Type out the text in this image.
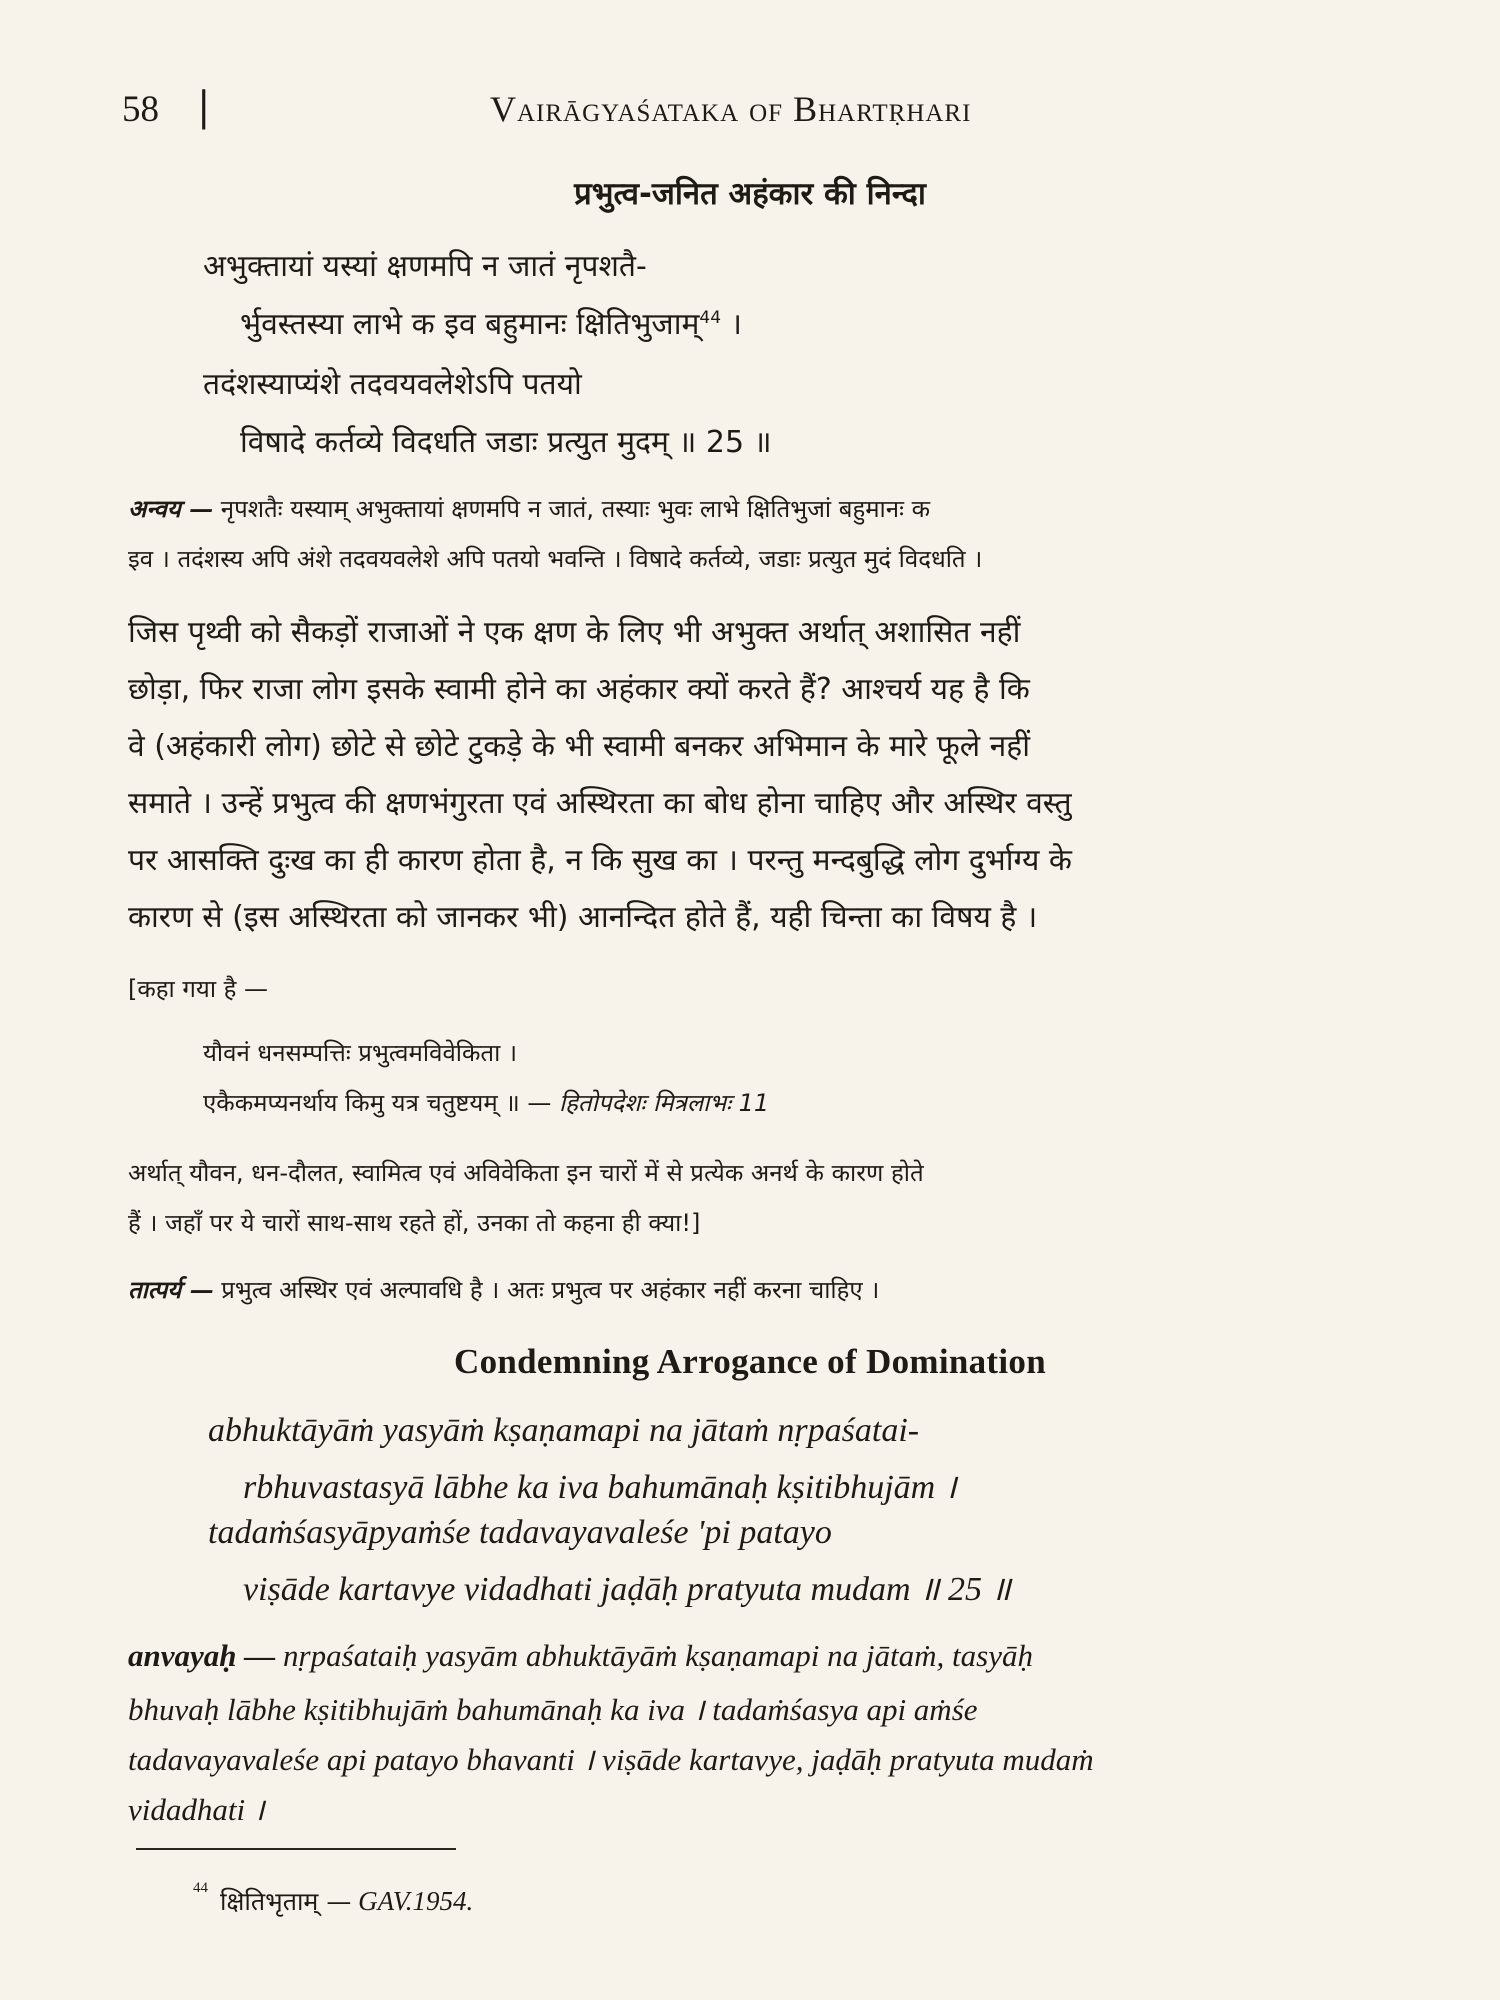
58 |	Vairāgyaśataka of Bhartṛhari
प्रभुत्व-जनित अहंकार की निन्दा
अभुक्तायां यस्यां क्षणमपि न जातं नृपशतै-
र्भुवस्तस्या लाभे क इव बहुमानः क्षितिभुजाम्$^{44}$ ।
तदंशस्याप्यंशे तदवयवलेशेऽपि पतयो
विषादे कर्तव्ये विदधति जडाः प्रत्युत मुदम् ॥ 25 ॥
अन्वय — नृपशतैः यस्याम् अभुक्तायां क्षणमपि न जातं, तस्याः भुवः लाभे क्षितिभुजां बहुमानः क
इव । तदंशस्य अपि अंशे तदवयवलेशे अपि पतयो भवन्ति । विषादे कर्तव्ये, जडाः प्रत्युत मुदं विदधति ।
जिस पृथ्वी को सैकड़ों राजाओं ने एक क्षण के लिए भी अभुक्त अर्थात् अशासित नहीं
छोड़ा, फिर राजा लोग इसके स्वामी होने का अहंकार क्यों करते हैं? आश्चर्य यह है कि
वे (अहंकारी लोग) छोटे से छोटे टुकड़े के भी स्वामी बनकर अभिमान के मारे फूले नहीं
समाते । उन्हें प्रभुत्व की क्षणभंगुरता एवं अस्थिरता का बोध होना चाहिए और अस्थिर वस्तु
पर आसक्ति दुःख का ही कारण होता है, न कि सुख का । परन्तु मन्दबुद्धि लोग दुर्भाग्य के
कारण से (इस अस्थिरता को जानकर भी) आनन्दित होते हैं, यही चिन्ता का विषय है ।
[कहा गया है —
यौवनं धनसम्पत्तिः प्रभुत्वमविवेकिता ।
एकैकमप्यनर्थाय किमु यत्र चतुष्टयम् ॥ — हितोपदेशः मित्रलाभः 11
अर्थात् यौवन, धन-दौलत, स्वामित्व एवं अविवेकिता इन चारों में से प्रत्येक अनर्थ के कारण होते
हैं । जहाँ पर ये चारों साथ-साथ रहते हों, उनका तो कहना ही क्या!]
तात्पर्य — प्रभुत्व अस्थिर एवं अल्पावधि है । अतः प्रभुत्व पर अहंकार नहीं करना चाहिए ।
Condemning Arrogance of Domination
abhuktāyāṁ yasyāṁ kṣaṇamapi na jātaṁ nṛpaśatai-
rbhuvastasyā lābhe ka iva bahumānaḥ kṣitibhujām ।
tadaṁśasyāpyaṁśe tadavayavaleśe 'pi patayo
viṣāde kartavye vidadhati jaḍāḥ pratyuta mudam ॥ 25 ॥
anvayaḥ — nṛpaśataiḥ yasyām abhuktāyāṁ kṣaṇamapi na jātaṁ, tasyāḥ
bhuvaḥ lābhe kṣitibhujāṁ bahumānaḥ ka iva । tadaṁśasya api aṁśe
tadavayavaleśe api patayo bhavanti । viṣāde kartavye, jaḍāḥ pratyuta mudaṁ
vidadhati ।
44 क्षितिभृताम् — GAV.1954.
